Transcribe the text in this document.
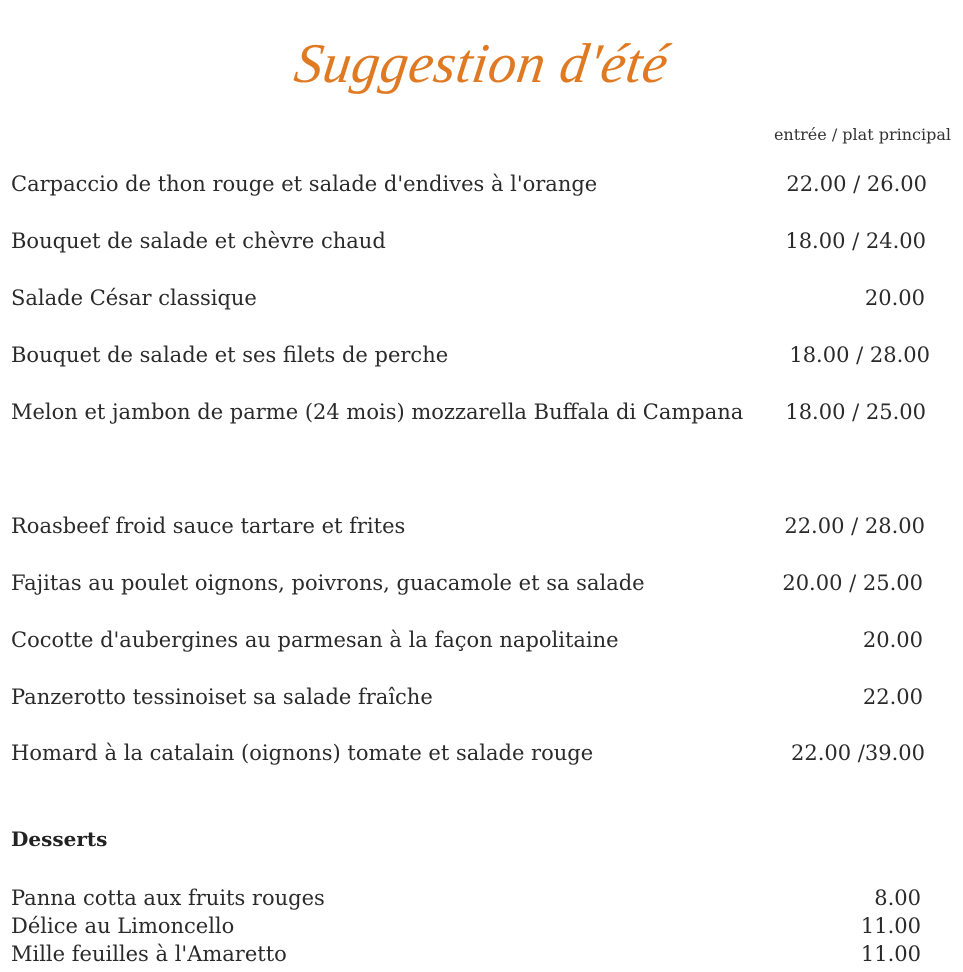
Suggestion d'été
entrée / plat principal
Carpaccio de thon rouge et salade d'endives à l'orange	22.00 / 26.00
Bouquet de salade et chèvre chaud	18.00 / 24.00
Salade César classique	20.00
Bouquet de salade et ses filets de perche	18.00 / 28.00
Melon et jambon de parme (24 mois) mozzarella Buffala di Campana 18.00 / 25.00
Roasbeef froid sauce tartare et frites	22.00 / 28.00
Fajitas au poulet oignons, poivrons, guacamole et sa salade	20.00 / 25.00
Cocotte d'aubergines au parmesan à la façon napolitaine	20.00
Panzerotto tessinoiset sa salade fraîche	22.00
Homard à la catalain (oignons) tomate et salade rouge	22.00 /39.00
Desserts
Panna cotta aux fruits rouges	8.00
Délice au Limoncello	11.00
Mille feuilles à l'Amaretto	11.00
